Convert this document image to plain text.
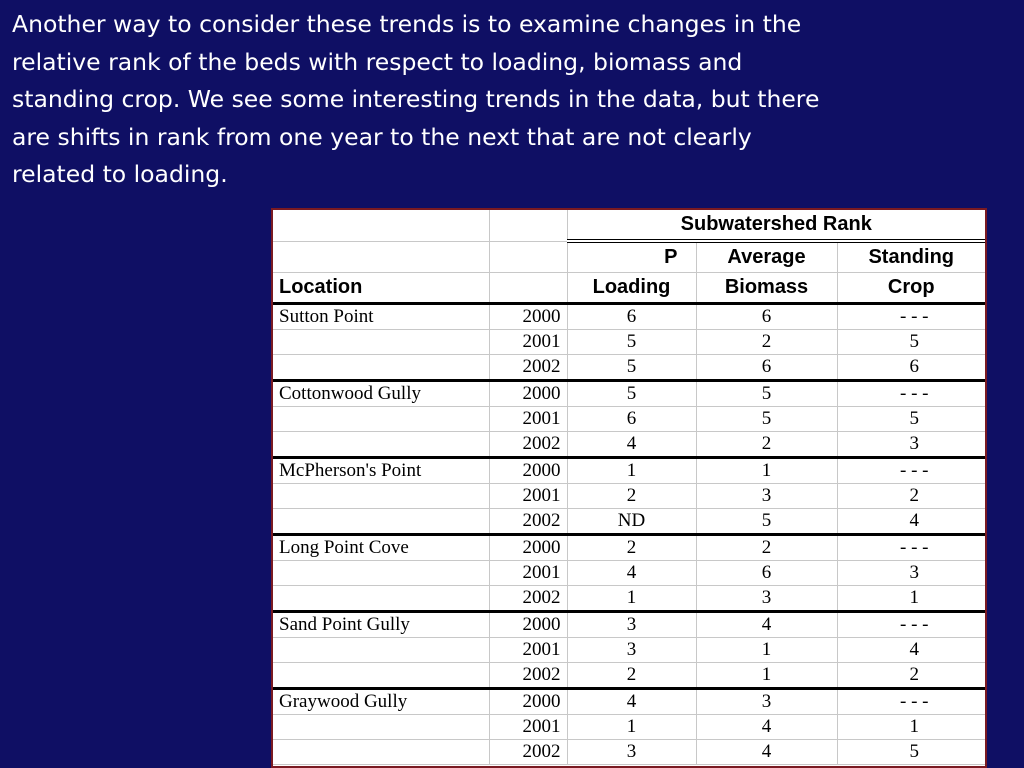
Another way to consider these trends is to examine changes in the
relative rank of the beds with respect to loading, biomass and
standing crop. We see some interesting trends in the data, but there
are shifts in rank from one year to the next that are not clearly
related to loading.
		Subwatershed Rank		
		P	Average	Standing
Location		Loading	Biomass	Crop
Sutton Point	2000	6	6	- - -
	2001	5	2	5
	2002	5	6	6
Cottonwood Gully	2000	5	5	- - -
	2001	6	5	5
	2002	4	2	3
McPherson's Point	2000	1	1	- - -
	2001	2	3	2
	2002	ND	5	4
Long Point Cove	2000	2	2	- - -
	2001	4	6	3
	2002	1	3	1
Sand Point Gully	2000	3	4	- - -
	2001	3	1	4
	2002	2	1	2
Graywood Gully	2000	4	3	- - -
	2001	1	4	1
	2002	3	4	5
